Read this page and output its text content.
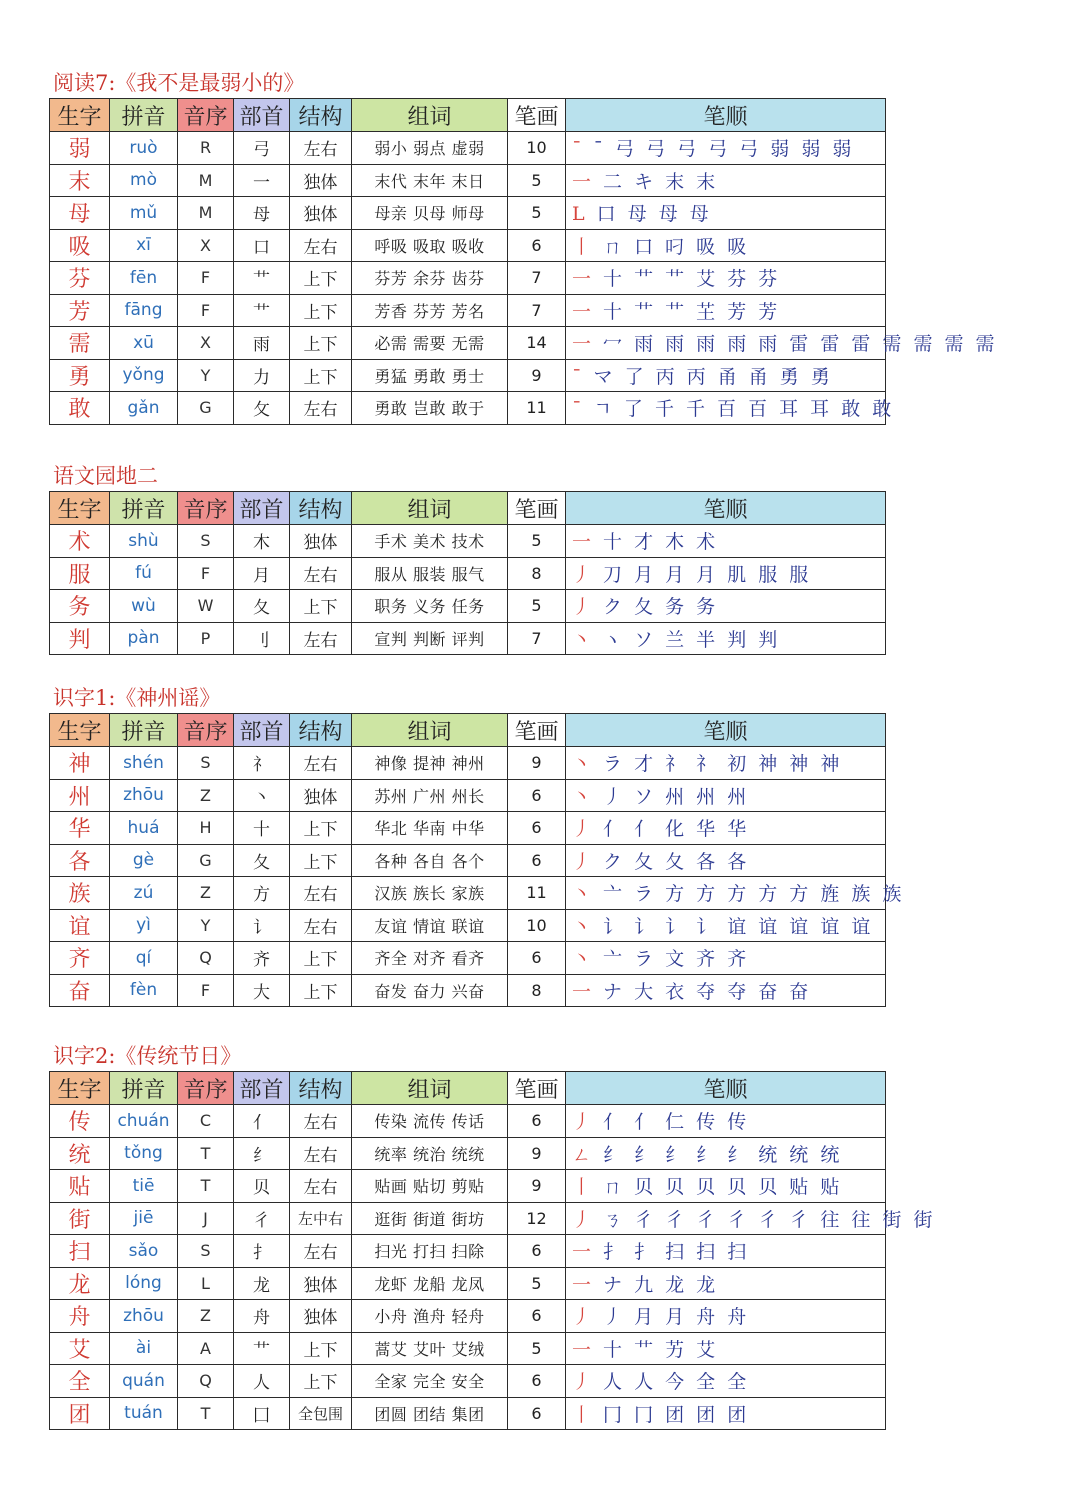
阅读7:《我不是最弱小的》
生字	拼音	音序	部首	结构	组词	笔画	笔顺
弱	ruò	R	弓	左右	弱小 弱点 虚弱	10	ˉ ˉ 弓 弓 弓 弓 弓 弱 弱 弱
末	mò	M	一	独体	末代 末年 末日	5	一 二 キ 末 末
母	mǔ	M	母	独体	母亲 贝母 师母	5	L 口 母 母 母
吸	xī	X	口	左右	呼吸 吸取 吸收	6	丨 ㄇ 口 叼 吸 吸
芬	fēn	F	艹	上下	芬芳 余芬 齿芬	7	一 十 艹 艹 艾 芬 芬
芳	fāng	F	艹	上下	芳香 芬芳 芳名	7	一 十 艹 艹 芏 芳 芳
需	xū	X	雨	上下	必需 需要 无需	14	一 冖 雨 雨 雨 雨 雨 雷 雷 雷 需 需 需 需
勇	yǒng	Y	力	上下	勇猛 勇敢 勇士	9	ˉ マ 了 丙 丙 甬 甬 勇 勇
敢	gǎn	G	攵	左右	勇敢 岂敢 敢于	11	ˉ ㄱ 了 千 千 百 百 耳 耳 敢 敢
语文园地二
生字	拼音	音序	部首	结构	组词	笔画	笔顺
术	shù	S	木	独体	手术 美术 技术	5	一 十 才 木 术
服	fú	F	月	左右	服从 服装 服气	8	丿 刀 月 月 月 肌 服 服
务	wù	W	夂	上下	职务 义务 任务	5	丿 ク 夂 务 务
判	pàn	P	刂	左右	宣判 判断 评判	7	丶 ヽ ソ 兰 半 判 判
识字1:《神州谣》
生字	拼音	音序	部首	结构	组词	笔画	笔顺
神	shén	S	礻	左右	神像 提神 神州	9	丶 ラ 才 礻 礻 初 神 神 神
州	zhōu	Z	丶	独体	苏州 广州 州长	6	丶 丿 ソ 州 州 州
华	huá	H	十	上下	华北 华南 中华	6	丿 亻 亻 化 华 华
各	gè	G	夂	上下	各种 各自 各个	6	丿 ク 夂 夂 各 各
族	zú	Z	方	左右	汉族 族长 家族	11	丶 亠 ラ 方 方 方 方 方 旌 族 族
谊	yì	Y	讠	左右	友谊 情谊 联谊	10	丶 讠 讠 讠 讠 谊 谊 谊 谊 谊
齐	qí	Q	齐	上下	齐全 对齐 看齐	6	丶 亠 ラ 文 齐 齐
奋	fèn	F	大	上下	奋发 奋力 兴奋	8	一 ナ 大 衣 夺 夺 奋 奋
识字2:《传统节日》
生字	拼音	音序	部首	结构	组词	笔画	笔顺
传	chuán	C	亻	左右	传染 流传 传话	6	丿 亻 亻 仁 传 传
统	tǒng	T	纟	左右	统率 统治 统统	9	ㄥ 纟 纟 纟 纟 纟 统 统 统
贴	tiē	T	贝	左右	贴画 贴切 剪贴	9	丨 ㄇ 贝 贝 贝 贝 贝 贴 贴
街	jiē	J	彳	左中右	逛街 街道 街坊	12	丿 ㄋ 彳 彳 彳 彳 彳 彳 往 往 街 街
扫	sǎo	S	扌	左右	扫光 打扫 扫除	6	一 扌 扌 扫 扫 扫
龙	lóng	L	龙	独体	龙虾 龙船 龙凤	5	一 ナ 九 龙 龙
舟	zhōu	Z	舟	独体	小舟 渔舟 轻舟	6	丿 丿 月 月 舟 舟
艾	ài	A	艹	上下	蒿艾 艾叶 艾绒	5	一 十 艹 艻 艾
全	quán	Q	人	上下	全家 完全 安全	6	丿 人 人 今 全 全
团	tuán	T	囗	全包围	团圆 团结 集团	6	丨 冂 冂 团 团 团
